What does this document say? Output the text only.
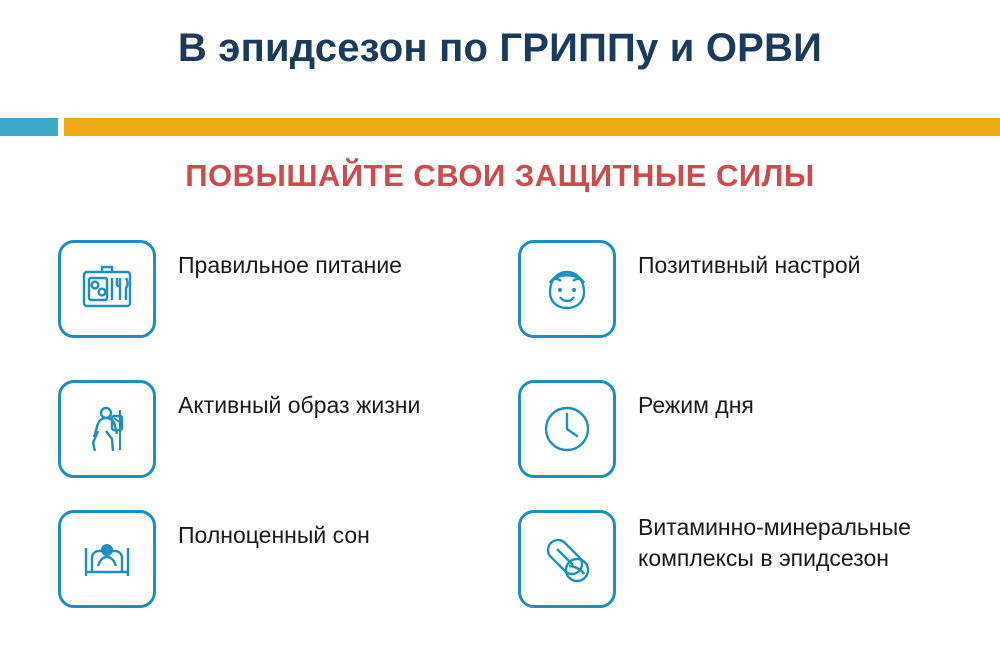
В эпидсезон по ГРИППу и ОРВИ
ПОВЫШАЙТЕ СВОИ ЗАЩИТНЫЕ СИЛЫ
Правильное питание	Позитивный настрой
Активный образ жизни	Режим дня
Полноценный сон	Витаминно-минеральные комплексы в эпидсезон
